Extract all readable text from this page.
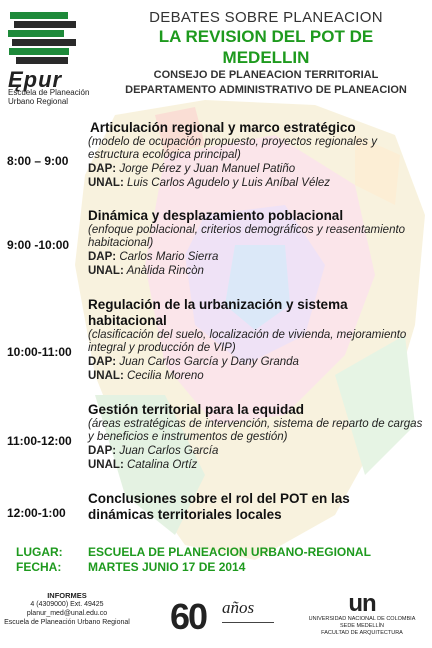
Ępur
Escuela de Planeación
Urbano Regional
DEBATES SOBRE PLANEACION
LA REVISION DEL POT DE
MEDELLIN
CONSEJO DE PLANEACION TERRITORIAL
DEPARTAMENTO ADMINISTRATIVO DE PLANEACION
8:00 – 9:00
Articulación regional y marco estratégico
(modelo de ocupación propuesto, proyectos regionales y estructura ecológica principal)
DAP: Jorge Pérez y Juan Manuel Patiño
UNAL: Luis Carlos Agudelo y Luis Aníbal Vélez
9:00 -10:00
Dinámica y desplazamiento poblacional
(enfoque poblacional, criterios demográficos y reasentamiento habitacional)
DAP: Carlos Mario Sierra
UNAL: Anàlida Rincòn
10:00-11:00
Regulación de la urbanización y sistema habitacional
(clasificación del suelo, localización de vivienda, mejoramiento integral y producción de VIP)
DAP: Juan Carlos García y Dany Granda
UNAL: Cecilia Moreno
11:00-12:00
Gestión territorial para la equidad
(áreas estratégicas de intervención, sistema de reparto de cargas y beneficios e instrumentos de gestión)
DAP: Juan Carlos García
UNAL: Catalina Ortíz
12:00-1:00
Conclusiones sobre el rol del POT en las dinámicas territoriales locales
LUGAR: ESCUELA DE PLANEACION URBANO-REGIONAL
FECHA: MARTES JUNIO 17 DE 2014
INFORMES
4 (4309000) Ext. 49425
planur_med@unal.edu.co
Escuela de Planeación Urbano Regional 60 años	un
UNIVERSIDAD NACIONAL DE COLOMBIA
SEDE MEDELLÍN
FACULTAD DE ARQUITECTURA
